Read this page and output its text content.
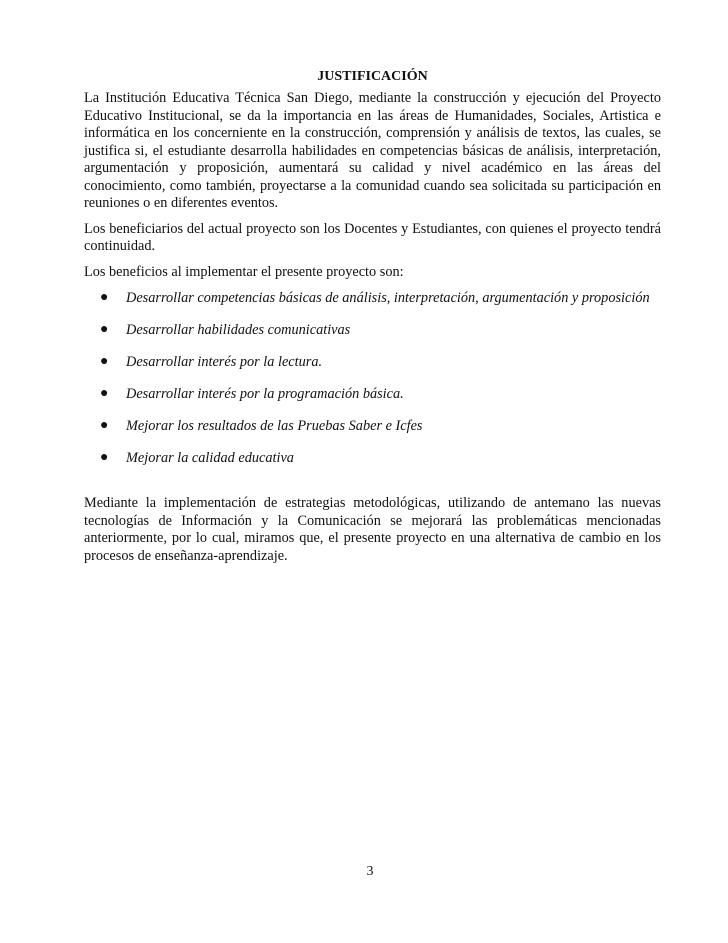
JUSTIFICACIÓN

La Institución Educativa Técnica San Diego, mediante la construcción y ejecución del Proyecto Educativo Institucional, se da la importancia en las áreas de Humanidades, Sociales, Artistica e informática en los concerniente en la construcción, comprensión y análisis de textos, las cuales, se justifica si, el estudiante desarrolla habilidades en competencias básicas de análisis, interpretación, argumentación y proposición, aumentará su calidad y nivel académico en las áreas del conocimiento, como también, proyectarse a la comunidad cuando sea solicitada su participación en reuniones o en diferentes eventos.

Los beneficiarios del actual proyecto son los Docentes y Estudiantes, con quienes el proyecto tendrá continuidad.

Los beneficios al implementar el presente proyecto son:

● Desarrollar competencias básicas de análisis, interpretación, argumentación y proposición
● Desarrollar habilidades comunicativas
● Desarrollar interés por la lectura.
● Desarrollar interés por la programación básica.
● Mejorar los resultados de las Pruebas Saber e Icfes
● Mejorar la calidad educativa

Mediante la implementación de estrategias metodológicas, utilizando de antemano las nuevas tecnologías de Información y la Comunicación se mejorará las problemáticas mencionadas anteriormente, por lo cual, miramos que, el presente proyecto en una alternativa de cambio en los procesos de enseñanza-aprendizaje.

3
